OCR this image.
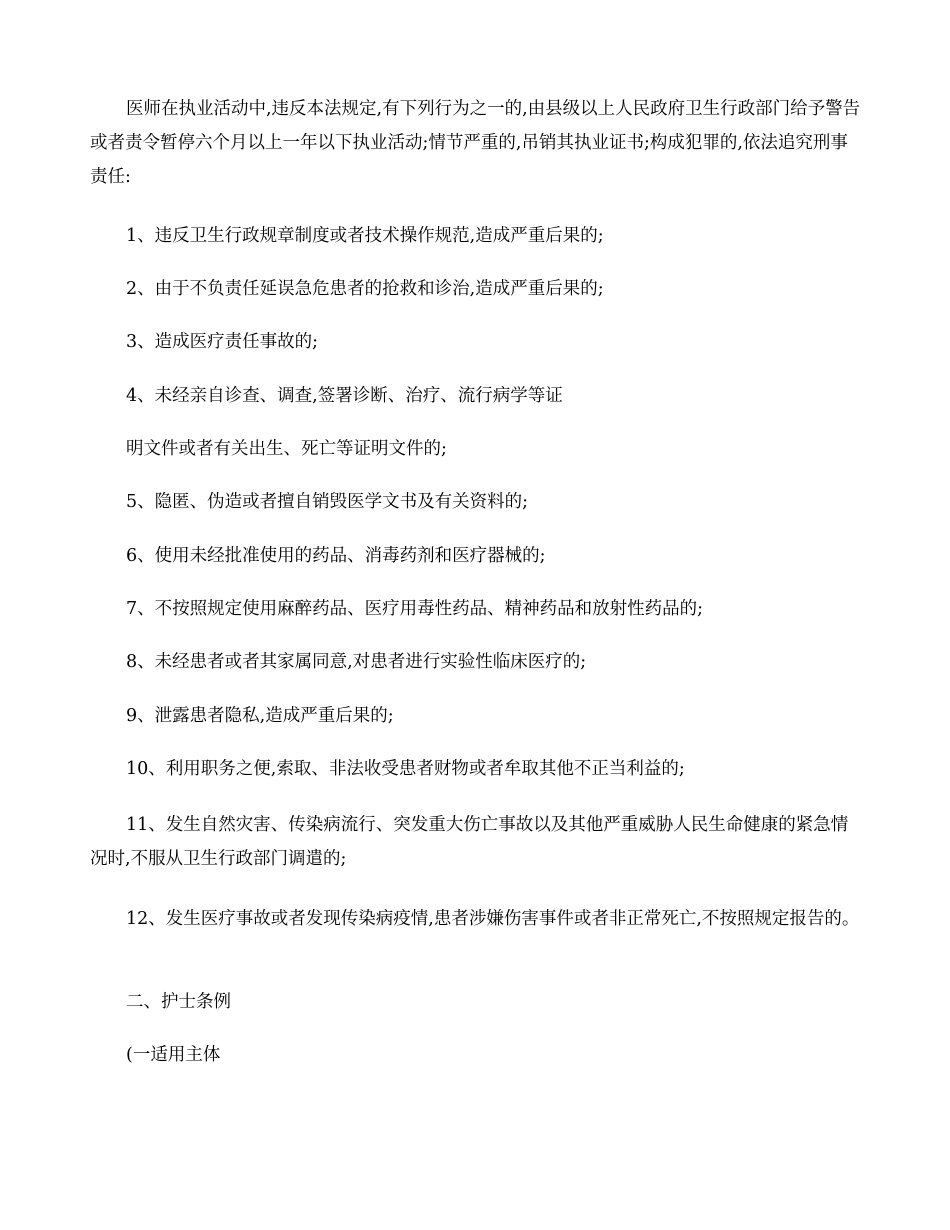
医师在执业活动中,违反本法规定,有下列行为之一的,由县级以上人民政府卫生行政部门给予警告或者责令暂停六个月以上一年以下执业活动;情节严重的,吊销其执业证书;构成犯罪的,依法追究刑事责任:

1、违反卫生行政规章制度或者技术操作规范,造成严重后果的;

2、由于不负责任延误急危患者的抢救和诊治,造成严重后果的;

3、造成医疗责任事故的;

4、未经亲自诊查、调查,签署诊断、治疗、流行病学等证

明文件或者有关出生、死亡等证明文件的;

5、隐匿、伪造或者擅自销毁医学文书及有关资料的;

6、使用未经批准使用的药品、消毒药剂和医疗器械的;

7、不按照规定使用麻醉药品、医疗用毒性药品、精神药品和放射性药品的;

8、未经患者或者其家属同意,对患者进行实验性临床医疗的;

9、泄露患者隐私,造成严重后果的;

10、利用职务之便,索取、非法收受患者财物或者牟取其他不正当利益的;

11、发生自然灾害、传染病流行、突发重大伤亡事故以及其他严重威胁人民生命健康的紧急情况时,不服从卫生行政部门调遣的;

12、发生医疗事故或者发现传染病疫情,患者涉嫌伤害事件或者非正常死亡,不按照规定报告的。

二、护士条例

(一适用主体
